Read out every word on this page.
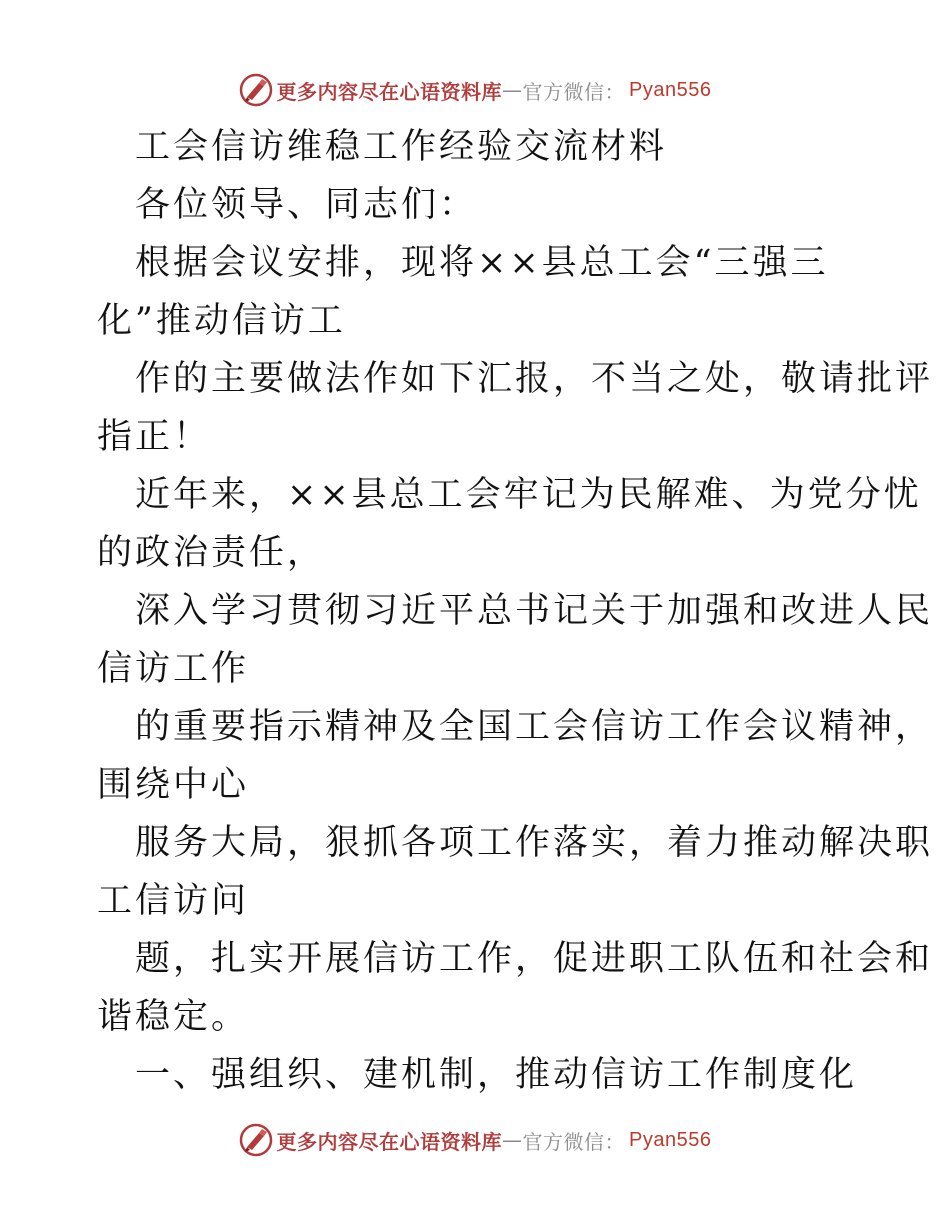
更多内容尽在心语资料库 — 官方微信： Pyan556
工会信访维稳工作经验交流材料
各位领导、同志们：
根据会议安排，现将××县总工会“三强三
化”推动信访工
作的主要做法作如下汇报，不当之处，敬请批评
指正！
近年来，××县总工会牢记为民解难、为党分忧
的政治责任，
深入学习贯彻习近平总书记关于加强和改进人民
信访工作
的重要指示精神及全国工会信访工作会议精神，
围绕中心
服务大局，狠抓各项工作落实，着力推动解决职
工信访问
题，扎实开展信访工作，促进职工队伍和社会和
谐稳定。
一、强组织、建机制，推动信访工作制度化
更多内容尽在心语资料库 — 官方微信： Pyan556
